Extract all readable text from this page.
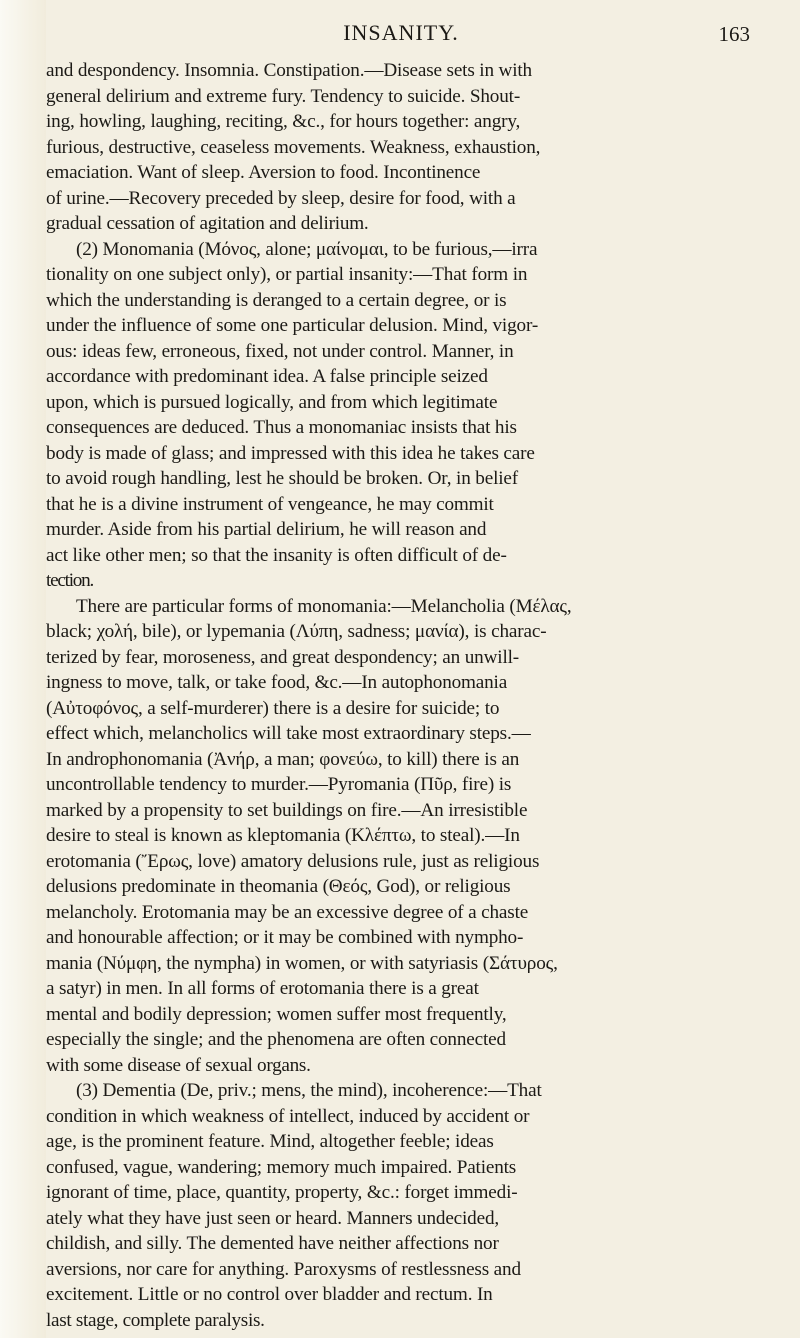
INSANITY.	163
and despondency. Insomnia. Constipation.—Disease sets in with
general delirium and extreme fury. Tendency to suicide. Shout-
ing, howling, laughing, reciting, &c., for hours together: angry,
furious, destructive, ceaseless movements. Weakness, exhaustion,
emaciation. Want of sleep. Aversion to food. Incontinence
of urine.—Recovery preceded by sleep, desire for food, with a
gradual cessation of agitation and delirium.
(2) Monomania (Μόνος, alone; μαίνομαι, to be furious,—irra
tionality on one subject only), or partial insanity:—That form in
which the understanding is deranged to a certain degree, or is
under the influence of some one particular delusion. Mind, vigor-
ous: ideas few, erroneous, fixed, not under control. Manner, in
accordance with predominant idea. A false principle seized
upon, which is pursued logically, and from which legitimate
consequences are deduced. Thus a monomaniac insists that his
body is made of glass; and impressed with this idea he takes care
to avoid rough handling, lest he should be broken. Or, in belief
that he is a divine instrument of vengeance, he may commit
murder. Aside from his partial delirium, he will reason and
act like other men; so that the insanity is often difficult of de-
tection.
There are particular forms of monomania:—Melancholia (Μέλας,
black; χολή, bile), or lypemania (Λύπη, sadness; μανία), is charac-
terized by fear, moroseness, and great despondency; an unwill-
ingness to move, talk, or take food, &c.—In autophonomania
(Αὐτοφόνος, a self-murderer) there is a desire for suicide; to
effect which, melancholics will take most extraordinary steps.—
In androphonomania (Ἀνήρ, a man; φονεύω, to kill) there is an
uncontrollable tendency to murder.—Pyromania (Πῦρ, fire) is
marked by a propensity to set buildings on fire.—An irresistible
desire to steal is known as kleptomania (Κλέπτω, to steal).—In
erotomania (Ἔρως, love) amatory delusions rule, just as religious
delusions predominate in theomania (Θεός, God), or religious
melancholy. Erotomania may be an excessive degree of a chaste
and honourable affection; or it may be combined with nympho-
mania (Νύμφη, the nympha) in women, or with satyriasis (Σάτυρος,
a satyr) in men. In all forms of erotomania there is a great
mental and bodily depression; women suffer most frequently,
especially the single; and the phenomena are often connected
with some disease of sexual organs.
(3) Dementia (De, priv.; mens, the mind), incoherence:—That
condition in which weakness of intellect, induced by accident or
age, is the prominent feature. Mind, altogether feeble; ideas
confused, vague, wandering; memory much impaired. Patients
ignorant of time, place, quantity, property, &c.: forget immedi-
ately what they have just seen or heard. Manners undecided,
childish, and silly. The demented have neither affections nor
aversions, nor care for anything. Paroxysms of restlessness and
excitement. Little or no control over bladder and rectum. In
last stage, complete paralysis.
